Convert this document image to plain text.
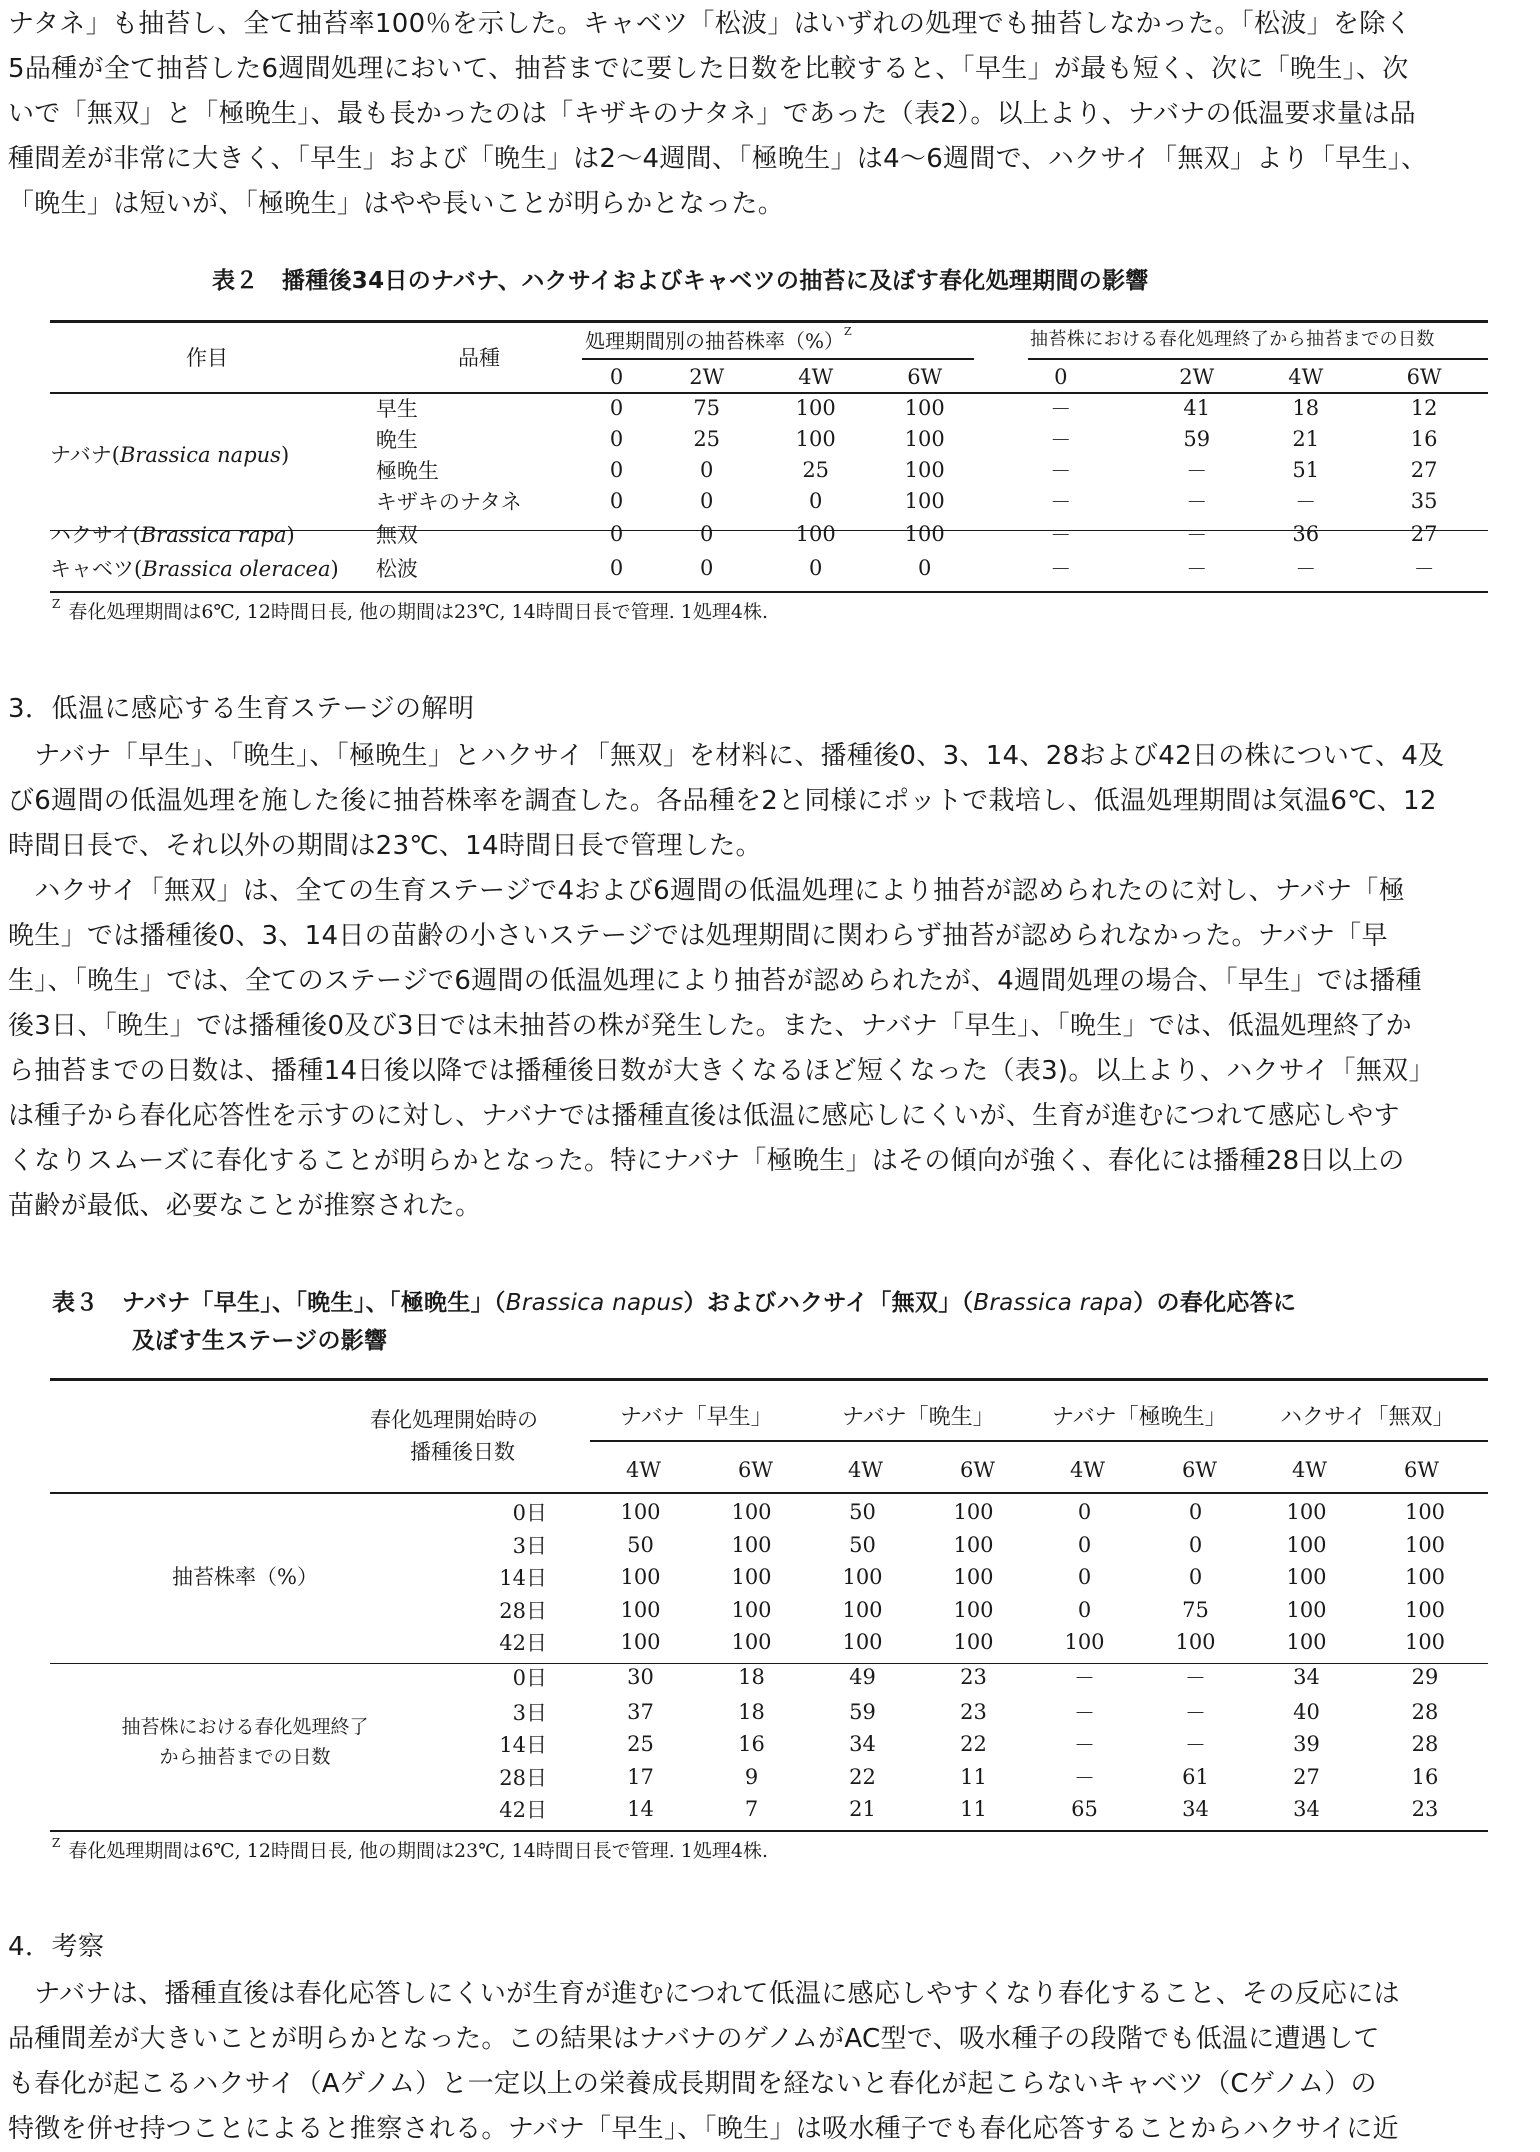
ナタネ」も抽苔し、全て抽苔率100％を示した。キャベツ「松波」はいずれの処理でも抽苔しなかった。「松波」を除く
5品種が全て抽苔した6週間処理において、抽苔までに要した日数を比較すると、「早生」が最も短く、次に「晩生」、次
いで「無双」と「極晩生」、最も長かったのは「キザキのナタネ」であった（表2）。以上より、ナバナの低温要求量は品
種間差が非常に大きく、「早生」および「晩生」は2～4週間、「極晩生」は4～6週間で、ハクサイ「無双」より「早生」、
「晩生」は短いが、「極晩生」はやや長いことが明らかとなった。
表２　播種後34日のナバナ、ハクサイおよびキャベツの抽苔に及ぼす春化処理期間の影響
作目	品種
処理期間別の抽苔株率（%）$^Z$	抽苔株における春化処理終了から抽苔までの日数
		0	2W	4W	6W	0	2W	4W	6W
ナバナ(Brassica napus)	早生	0	75	100	100	－	41	18	12
	晩生	0	25	100	100	－	59	21	16
	極晩生	0	0	25	100	－	－	51	27
	キザキのナタネ	0	0	0	100	－	－	－	35
ハクサイ(Brassica rapa)	無双	0	0	100	100	－	－	36	27
キャベツ(Brassica oleracea)	松波	0	0	0	0	－	－	－	－
$^Z$ 春化処理期間は6℃, 12時間日長, 他の期間は23℃, 14時間日長で管理. 1処理4株.
3．低温に感応する生育ステージの解明
　ナバナ「早生」、「晩生」、「極晩生」とハクサイ「無双」を材料に、播種後0、3、14、28および42日の株について、4及
び6週間の低温処理を施した後に抽苔株率を調査した。各品種を2と同様にポットで栽培し、低温処理期間は気温6℃、12
時間日長で、それ以外の期間は23℃、14時間日長で管理した。
　ハクサイ「無双」は、全ての生育ステージで4および6週間の低温処理により抽苔が認められたのに対し、ナバナ「極
晩生」では播種後0、3、14日の苗齢の小さいステージでは処理期間に関わらず抽苔が認められなかった。ナバナ「早
生」、「晩生」では、全てのステージで6週間の低温処理により抽苔が認められたが、4週間処理の場合、「早生」では播種
後3日、「晩生」では播種後0及び3日では未抽苔の株が発生した。また、ナバナ「早生」、「晩生」では、低温処理終了か
ら抽苔までの日数は、播種14日後以降では播種後日数が大きくなるほど短くなった（表3)。以上より、ハクサイ「無双」
は種子から春化応答性を示すのに対し、ナバナでは播種直後は低温に感応しにくいが、生育が進むにつれて感応しやす
くなりスムーズに春化することが明らかとなった。特にナバナ「極晩生」はその傾向が強く、春化には播種28日以上の
苗齢が最低、必要なことが推察された。
表３　ナバナ「早生」、「晩生」、「極晩生」（Brassica napus）およびハクサイ「無双」（Brassica rapa）の春化応答に
及ぼす生ステージの影響
春化処理開始時の
播種後日数
ナバナ「早生」	ナバナ「晩生」	ナバナ「極晩生」 ハクサイ「無双」
4W	6W	4W	6W	4W	6W	4W	6W
抽苔株率（%）	0日	100	100	50	100	0	0	100	100
	3日	50	100	50	100	0	0	100	100
	14日	100	100	100	100	0	0	100	100
	28日	100	100	100	100	0	75	100	100
	42日	100	100	100	100	100	100	100	100
抽苔株における春化処理終了
から抽苔までの日数	0日	30	18	49	23	－	－	34	29
	3日	37	18	59	23	－	－	40	28
	14日	25	16	34	22	－	－	39	28
	28日	17	9	22	11	－	61	27	16
	42日	14	7	21	11	65	34	34	23
$^Z$ 春化処理期間は6℃, 12時間日長, 他の期間は23℃, 14時間日長で管理. 1処理4株.
4．考察
　ナバナは、播種直後は春化応答しにくいが生育が進むにつれて低温に感応しやすくなり春化すること、その反応には
品種間差が大きいことが明らかとなった。この結果はナバナのゲノムがAC型で、吸水種子の段階でも低温に遭遇して
も春化が起こるハクサイ（Aゲノム）と一定以上の栄養成長期間を経ないと春化が起こらないキャベツ（Cゲノム）の
特徴を併せ持つことによると推察される。ナバナ「早生」、「晩生」は吸水種子でも春化応答することからハクサイに近
